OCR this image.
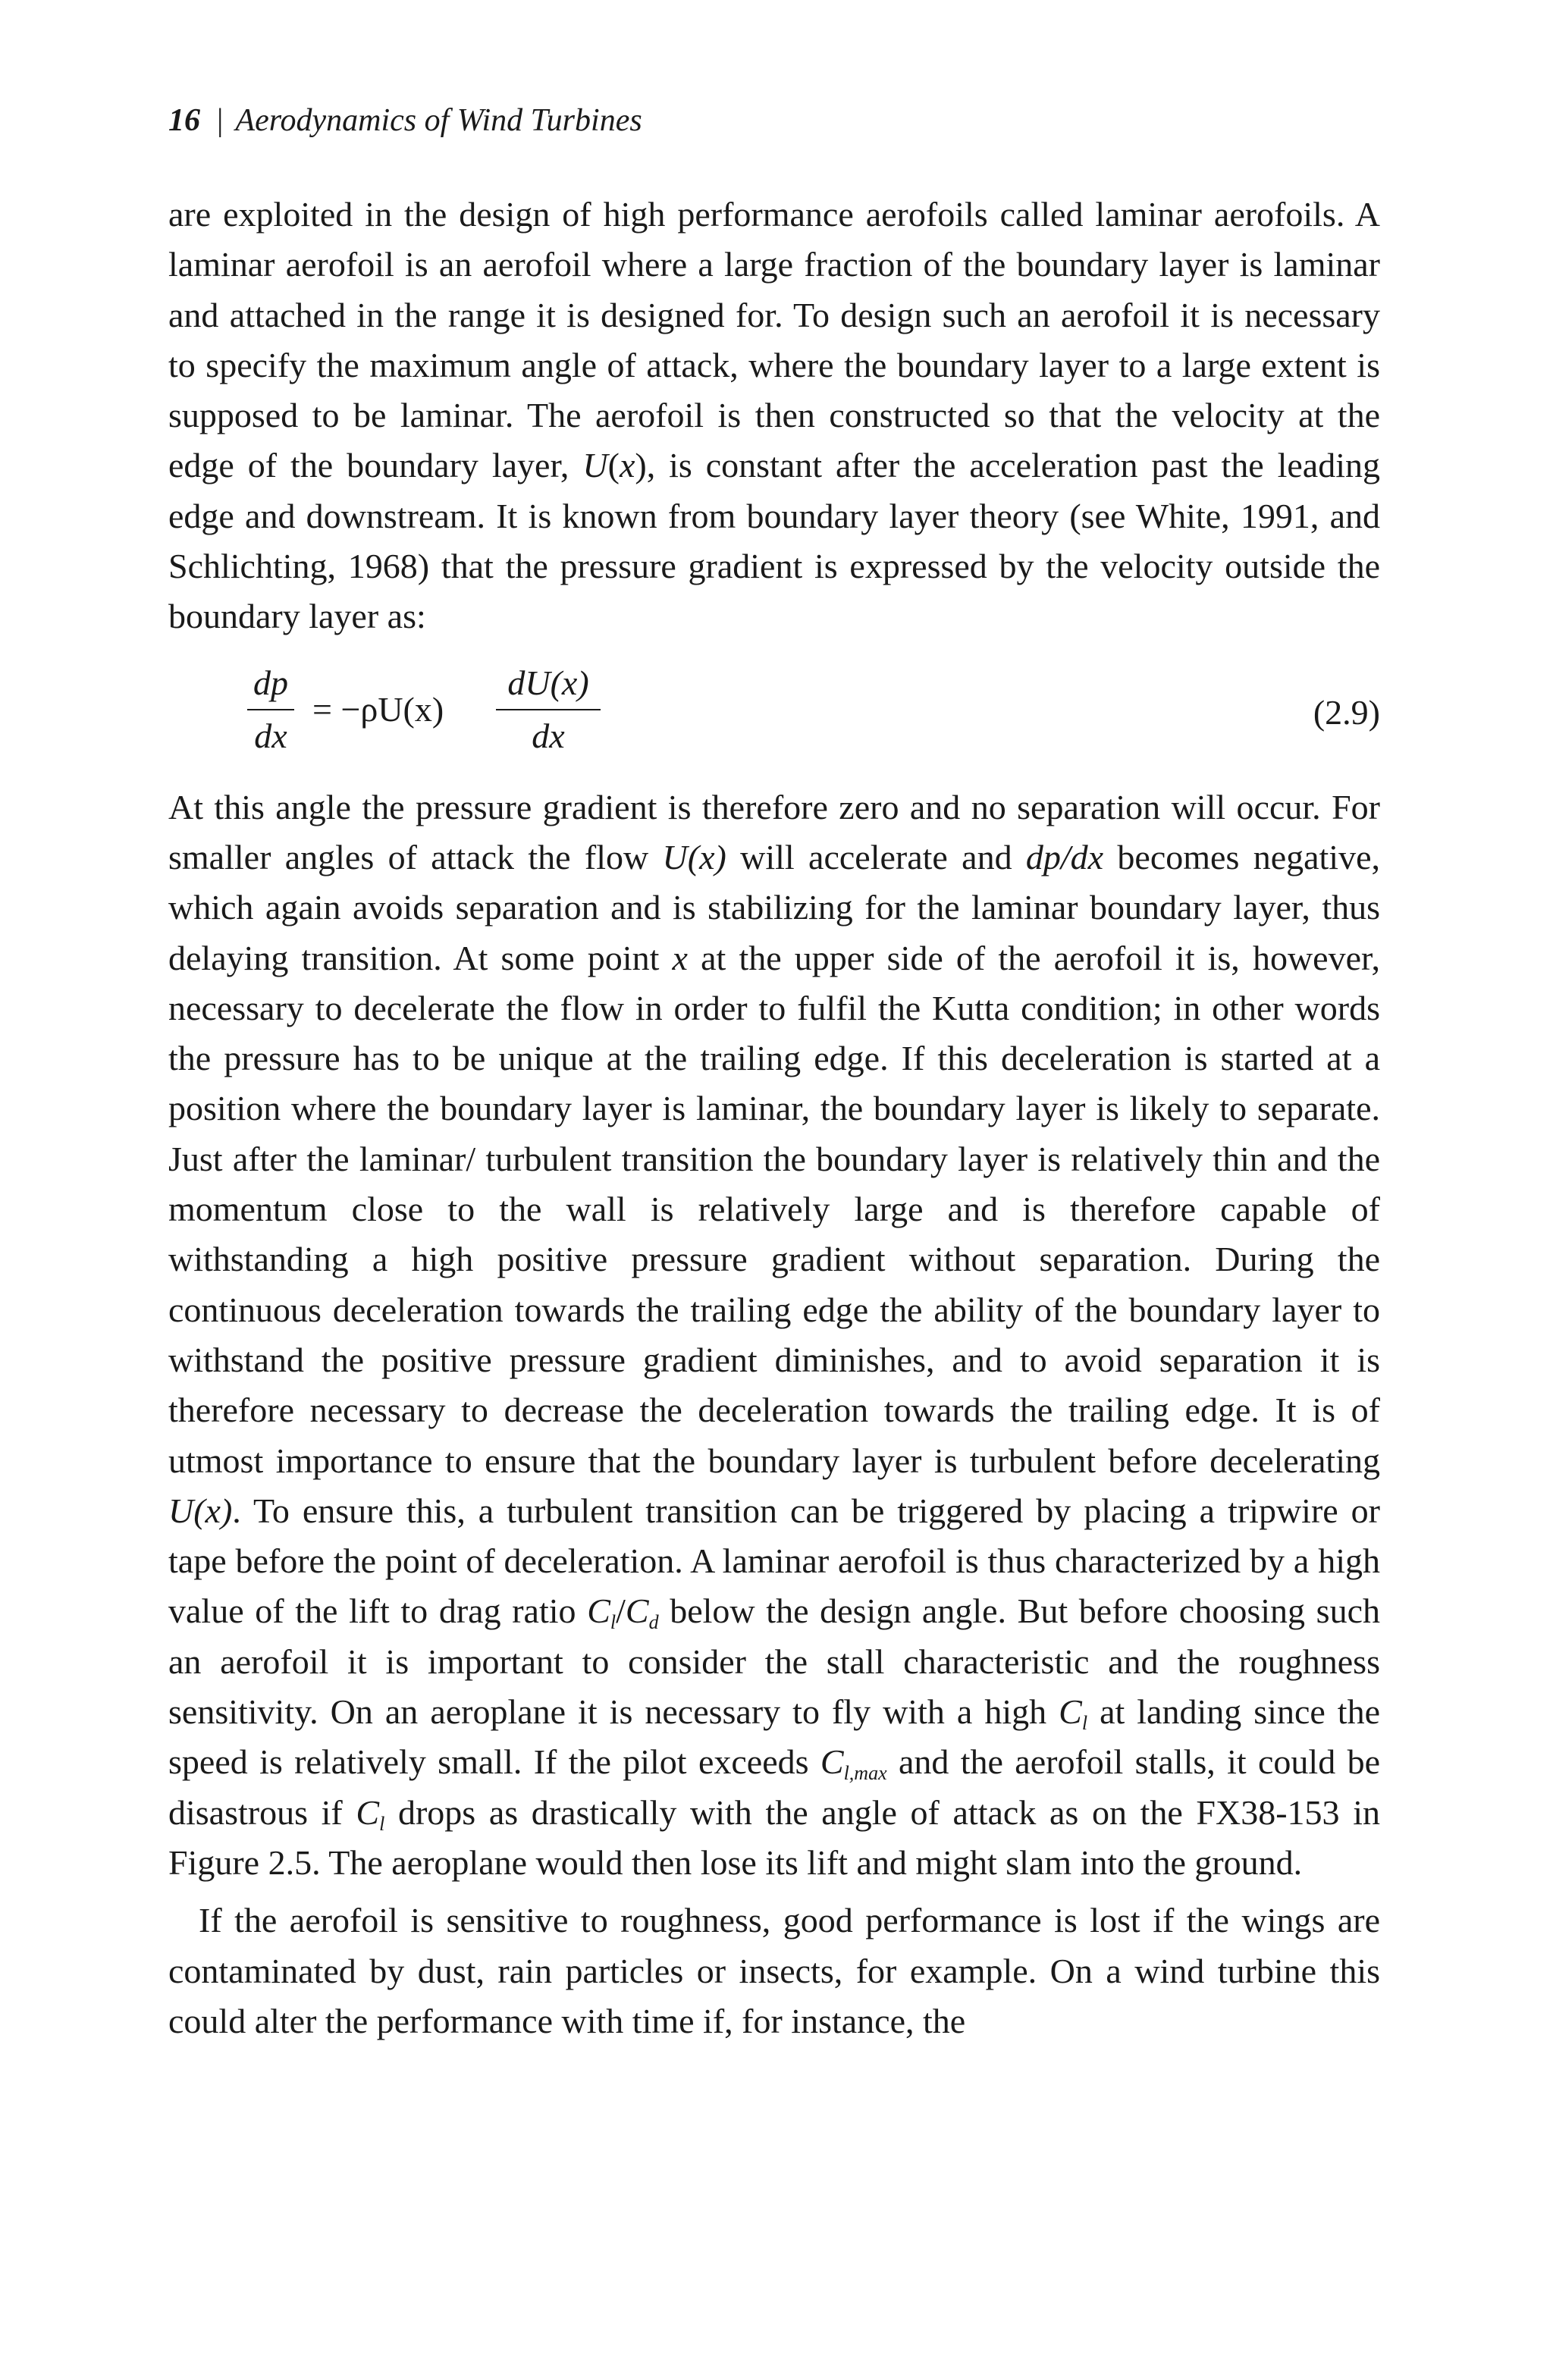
16 | Aerodynamics of Wind Turbines

are exploited in the design of high performance aerofoils called laminar aerofoils. A laminar aerofoil is an aerofoil where a large fraction of the boundary layer is laminar and attached in the range it is designed for. To design such an aerofoil it is necessary to specify the maximum angle of attack, where the boundary layer to a large extent is supposed to be laminar. The aerofoil is then constructed so that the velocity at the edge of the boundary layer, U(x), is constant after the acceleration past the leading edge and downstream. It is known from boundary layer theory (see White, 1991, and Schlichting, 1968) that the pressure gradient is expressed by the velocity outside the boundary layer as:

dp
dx
= −ρU(x)
dU(x)
dx
(2.9)

At this angle the pressure gradient is therefore zero and no separation will occur. For smaller angles of attack the flow U(x) will accelerate and dp/dx becomes negative, which again avoids separation and is stabilizing for the laminar boundary layer, thus delaying transition. At some point x at the upper side of the aerofoil it is, however, necessary to decelerate the flow in order to fulfil the Kutta condition; in other words the pressure has to be unique at the trailing edge. If this deceleration is started at a position where the boundary layer is laminar, the boundary layer is likely to separate. Just after the laminar/ turbulent transition the boundary layer is relatively thin and the momentum close to the wall is relatively large and is therefore capable of withstanding a high positive pressure gradient without separation. During the continuous deceleration towards the trailing edge the ability of the boundary layer to withstand the positive pressure gradient diminishes, and to avoid separation it is therefore necessary to decrease the deceleration towards the trailing edge. It is of utmost importance to ensure that the boundary layer is turbulent before decelerating U(x). To ensure this, a turbulent transition can be triggered by placing a tripwire or tape before the point of deceleration. A laminar aerofoil is thus characterized by a high value of the lift to drag ratio $C_l/C_d$ below the design angle. But before choosing such an aerofoil it is important to consider the stall characteristic and the roughness sensitivity. On an aeroplane it is necessary to fly with a high $C_l$ at landing since the speed is relatively small. If the pilot exceeds $C_{l,max}$ and the aerofoil stalls, it could be disastrous if $C_l$ drops as drastically with the angle of attack as on the FX38-153 in Figure 2.5. The aeroplane would then lose its lift and might slam into the ground.

If the aerofoil is sensitive to roughness, good performance is lost if the wings are contaminated by dust, rain particles or insects, for example. On a wind turbine this could alter the performance with time if, for instance, the
